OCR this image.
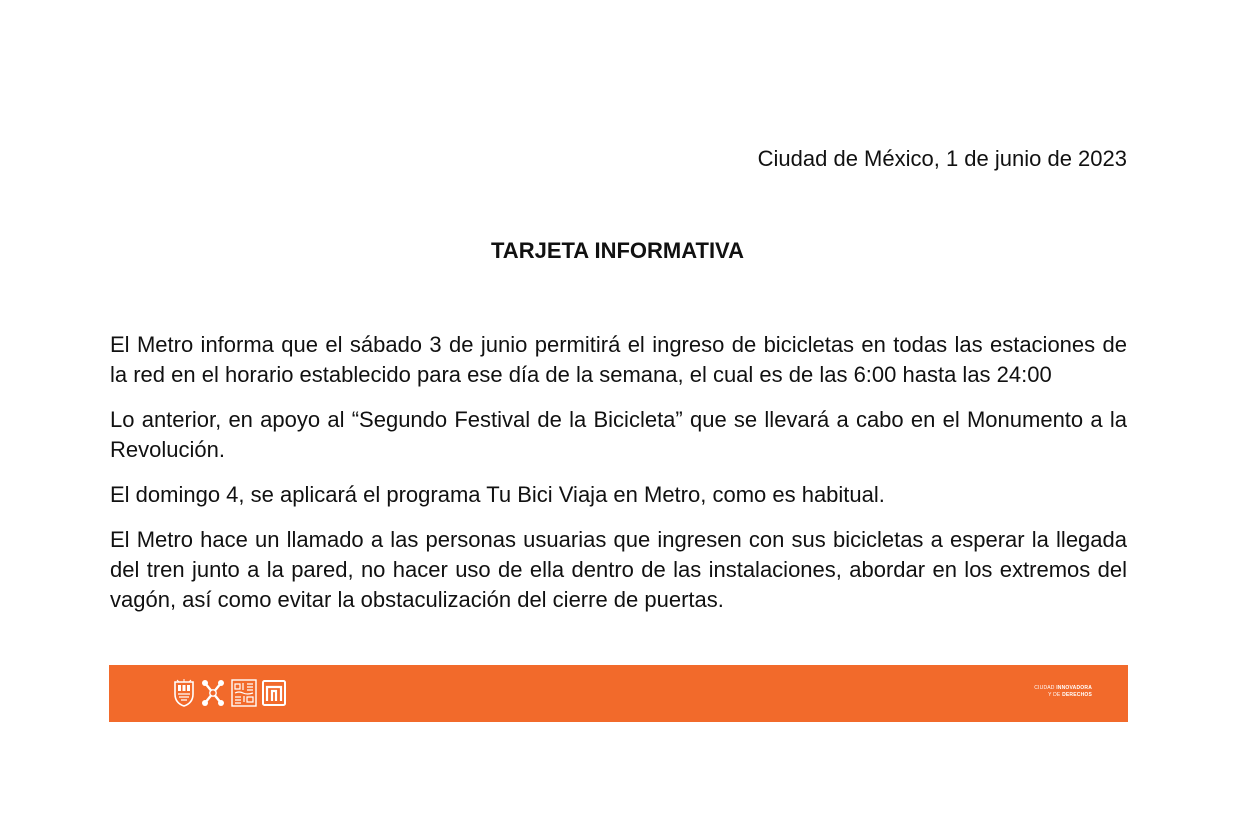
Ciudad de México, 1 de junio de 2023
TARJETA INFORMATIVA

El Metro informa que el sábado 3 de junio permitirá el ingreso de bicicletas en todas las estaciones de la red en el horario establecido para ese día de la semana, el cual es de las 6:00 hasta las 24:00

Lo anterior, en apoyo al “Segundo Festival de la Bicicleta” que se llevará a cabo en el Monumento a la Revolución.

El domingo 4, se aplicará el programa Tu Bici Viaja en Metro, como es habitual.

El Metro hace un llamado a las personas usuarias que ingresen con sus bicicletas a esperar la llegada del tren junto a la pared, no hacer uso de ella dentro de las instalaciones, abordar en los extremos del vagón, así como evitar la obstaculización del cierre de puertas.

CIUDAD INNOVADORA
Y DE DERECHOS
